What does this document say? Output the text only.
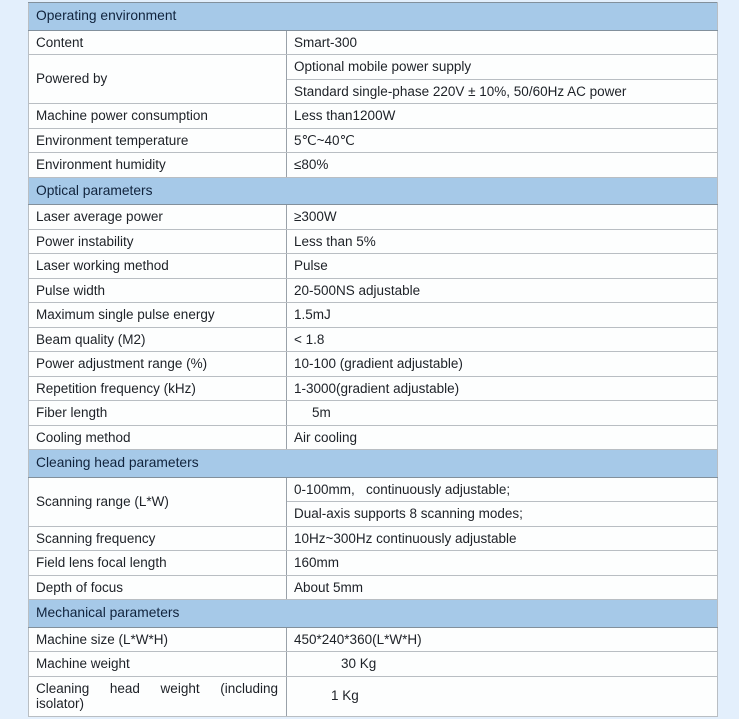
Operating environment	
Content	Smart-300
Powered by	Optional mobile power supply
	Standard single-phase 220V ± 10%, 50/60Hz AC power
Machine power consumption	Less than1200W
Environment temperature	5℃~40℃
Environment humidity	≤80%
Optical parameters	
Laser average power	≥300W
Power instability	Less than 5%
Laser working method	Pulse
Pulse width	20-500NS adjustable
Maximum single pulse energy	1.5mJ
Beam quality (M2)	< 1.8
Power adjustment range (%)	10-100 (gradient adjustable)
Repetition frequency (kHz)	1-3000(gradient adjustable)
Fiber length	5m
Cooling method	Air cooling
Cleaning head parameters	
Scanning range (L*W)	0-100mm,   continuously adjustable;
	Dual-axis supports 8 scanning modes;
Scanning frequency	10Hz~300Hz continuously adjustable
Field lens focal length	160mm
Depth of focus	About 5mm
Mechanical parameters	
Machine size (L*W*H)	450*240*360(L*W*H)
Machine weight	30 Kg
Cleaning head weight (including isolator)	1 Kg
